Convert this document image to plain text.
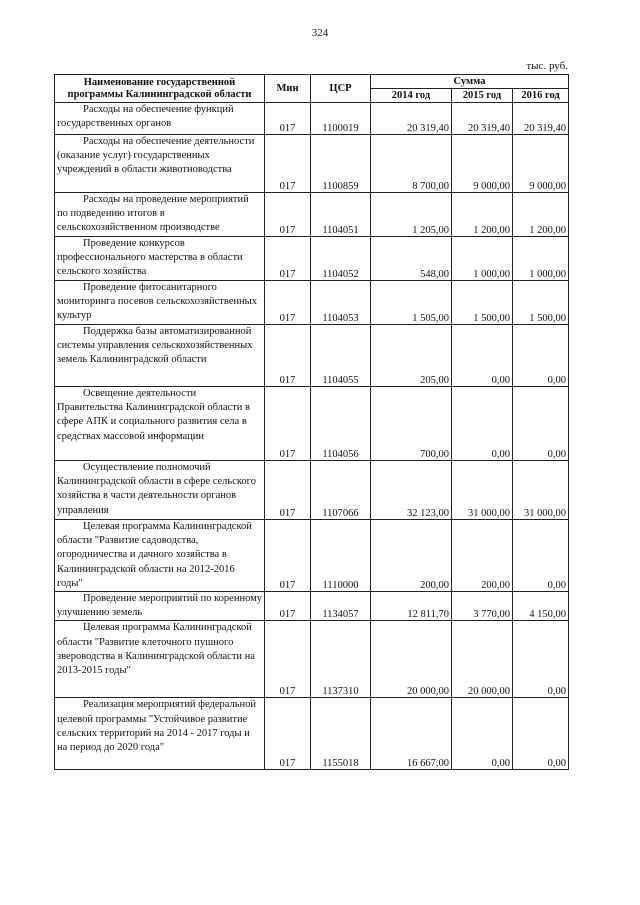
324
тыс. руб.
Наименование государственной программы Калининградской области	Мин	ЦСР	Сумма		
			2014 год	2015 год	2016 год
Расходы на обеспечение функций государственных органов	017	1100019	20 319,40	20 319,40	20 319,40
Расходы на обеспечение деятельности (оказание услуг) государственных учреждений в области животноводства	017	1100859	8 700,00	9 000,00	9 000,00
Расходы на проведение мероприятий по подведению итогов в сельскохозяйственном производстве	017	1104051	1 205,00	1 200,00	1 200,00
Проведение конкурсов профессионального мастерства в области сельского хозяйства	017	1104052	548,00	1 000,00	1 000,00
Проведение фитосанитарного мониторинга посевов сельскохозяйственных культур	017	1104053	1 505,00	1 500,00	1 500,00
Поддержка базы автоматизированной системы управления сельскохозяйственных земель Калининградской области	017	1104055	205,00	0,00	0,00
Освещение деятельности Правительства Калининградской области в сфере АПК и социального развития села в средствах массовой информации	017	1104056	700,00	0,00	0,00
Осуществление полномочий Калининградской области в сфере сельского хозяйства в части деятельности органов управления	017	1107066	32 123,00	31 000,00	31 000,00
Целевая программа Калининградской области "Развитие садоводства, огородничества и дачного хозяйства в Калининградской области на 2012-2016 годы"	017	1110000	200,00	200,00	0,00
Проведение мероприятий по коренному улучшению земель	017	1134057	12 811,70	3 770,00	4 150,00
Целевая программа Калининградской области "Развитие клеточного пушного звероводства в Калининградской области на 2013-2015 годы"	017	1137310	20 000,00	20 000,00	0,00
Реализация мероприятий федеральной целевой программы "Устойчивое развитие сельских территорий на 2014 - 2017 годы и на период до 2020 года"	017	1155018	16 667,00	0,00	0,00
